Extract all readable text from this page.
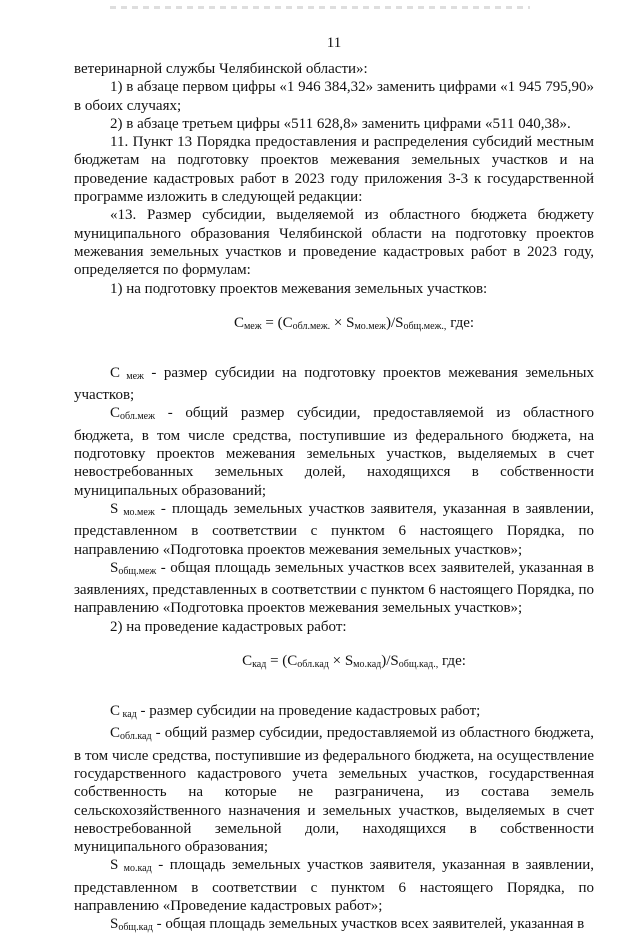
11

ветеринарной службы Челябинской области»:

1) в абзаце первом цифры «1 946 384,32» заменить цифрами «1 945 795,90» в обоих случаях;

2) в абзаце третьем цифры «511 628,8» заменить цифрами «511 040,38».

11. Пункт 13 Порядка предоставления и распределения субсидий местным бюджетам на подготовку проектов межевания земельных участков и на проведение кадастровых работ в 2023 году приложения 3-3 к государственной программе изложить в следующей редакции:

«13. Размер субсидии, выделяемой из областного бюджета бюджету муниципального образования Челябинской области на подготовку проектов межевания земельных участков и проведение кадастровых работ в 2023 году, определяется по формулам:

1) на подготовку проектов межевания земельных участков:

$С_{меж} = (С_{обл.меж.} \times S_{мо.меж})/S_{общ.меж.,}$ где:

С $_{меж}$ - размер субсидии на подготовку проектов межевания земельных участков;

$С_{обл.меж}$ - общий размер субсидии, предоставляемой из областного бюджета, в том числе средства, поступившие из федерального бюджета, на подготовку проектов межевания земельных участков, выделяемых в счет невостребованных земельных долей, находящихся в собственности муниципальных образований;

S $_{мо.меж}$ - площадь земельных участков заявителя, указанная в заявлении, представленном в соответствии с пунктом 6 настоящего Порядка, по направлению «Подготовка проектов межевания земельных участков»;

$S_{общ.меж}$ - общая площадь земельных участков всех заявителей, указанная в заявлениях, представленных в соответствии с пунктом 6 настоящего Порядка, по направлению «Подготовка проектов межевания земельных участков»;

2) на проведение кадастровых работ:

$С_{кад} = (С_{обл.кад} \times S_{мо.кад})/S_{общ.кад.,}$ где:

С $_{кад}$ - размер субсидии на проведение кадастровых работ;

$С_{обл.кад}$ - общий размер субсидии, предоставляемой из областного бюджета, в том числе средства, поступившие из федерального бюджета, на осуществление государственного кадастрового учета земельных участков, государственная собственность на которые не разграничена, из состава земель сельскохозяйственного назначения и земельных участков, выделяемых в счет невостребованной земельной доли, находящихся в собственности муниципального образования;

S $_{мо.кад}$ - площадь земельных участков заявителя, указанная в заявлении, представленном в соответствии с пунктом 6 настоящего Порядка, по направлению «Проведение кадастровых работ»;

$S_{общ.кад}$ - общая площадь земельных участков всех заявителей, указанная в
